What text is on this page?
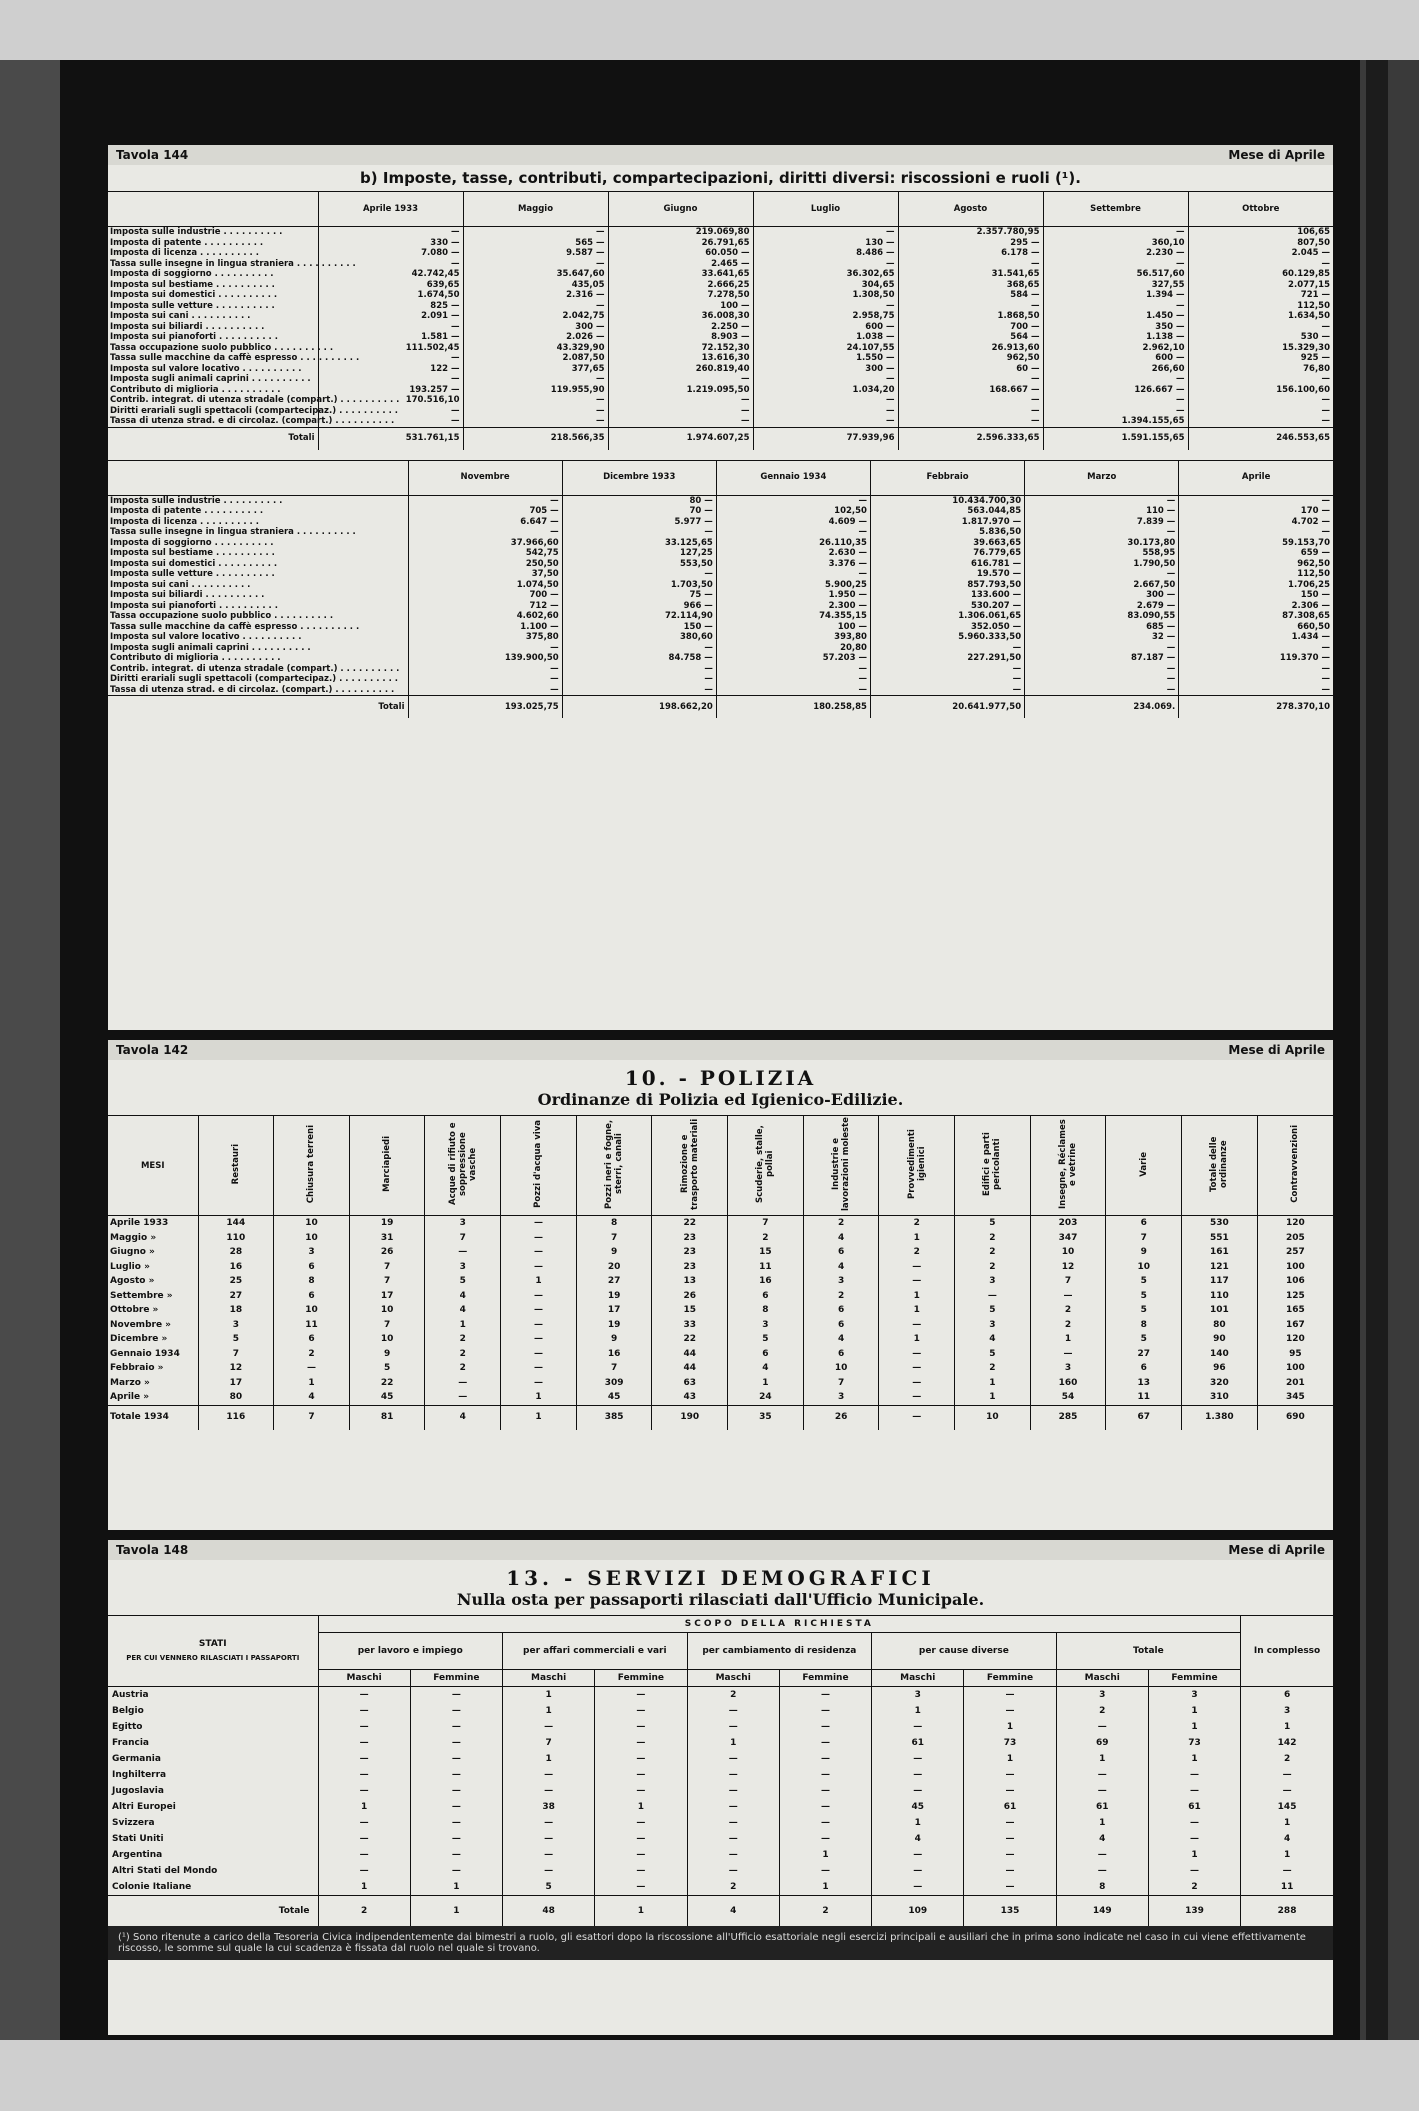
Tavola 144	Mese di Aprile
b) Imposte, tasse, contributi, compartecipazioni, diritti diversi: riscossioni e ruoli (¹).
	Aprile 1933	Maggio	Giugno	Luglio	Agosto	Settembre	Ottobre
Imposta sulle industrie . . . . . . . . . .	—	—	219.069,80	—	2.357.780,95	—	106,65
Imposta di patente . . . . . . . . . .	330 —	565 —	26.791,65	130 —	295 —	360,10	807,50
Imposta di licenza . . . . . . . . . .	7.080 —	9.587 —	60.050 —	8.486 —	6.178 —	2.230 —	2.045 —
Tassa sulle insegne in lingua straniera . . . . . . . . . .	—	—	2.465 —	—	—	—	—
Imposta di soggiorno . . . . . . . . . .	42.742,45	35.647,60	33.641,65	36.302,65	31.541,65	56.517,60	60.129,85
Imposta sul bestiame . . . . . . . . . .	639,65	435,05	2.666,25	304,65	368,65	327,55	2.077,15
Imposta sui domestici . . . . . . . . . .	1.674,50	2.316 —	7.278,50	1.308,50	584 —	1.394 —	721 —
Imposta sulle vetture . . . . . . . . . .	825 —	—	100 —	—	—	—	112,50
Imposta sui cani . . . . . . . . . .	2.091 —	2.042,75	36.008,30	2.958,75	1.868,50	1.450 —	1.634,50
Imposta sui biliardi . . . . . . . . . .	—	300 —	2.250 —	600 —	700 —	350 —	—
Imposta sui pianoforti . . . . . . . . . .	1.581 —	2.026 —	8.903 —	1.038 —	564 —	1.138 —	530 —
Tassa occupazione suolo pubblico . . . . . . . . . .	111.502,45	43.329,90	72.152,30	24.107,55	26.913,60	2.962,10	15.329,30
Tassa sulle macchine da caffè espresso . . . . . . . . . .	—	2.087,50	13.616,30	1.550 —	962,50	600 —	925 —
Imposta sul valore locativo . . . . . . . . . .	122 —	377,65	260.819,40	300 —	60 —	266,60	76,80
Imposta sugli animali caprini . . . . . . . . . .	—	—	—	—	—	—	—
Contributo di miglioria . . . . . . . . . .	193.257 —	119.955,90	1.219.095,50	1.034,20	168.667 —	126.667 —	156.100,60
Contrib. integrat. di utenza stradale (compart.) . . . . . . . . . .	170.516,10	—	—	—	—	—	—
Diritti erariali sugli spettacoli (compartecipaz.) . . . . . . . . . .	—	—	—	—	—	—	—
Tassa di utenza strad. e di circolaz. (compart.) . . . . . . . . . .	—	—	—	—	—	1.394.155,65	—
Totali	531.761,15	218.566,35	1.974.607,25	77.939,96	2.596.333,65	1.591.155,65	246.553,65
	Novembre	Dicembre 1933	Gennaio 1934	Febbraio	Marzo	Aprile
Imposta sulle industrie . . . . . . . . . .	—	80 —	—	10.434.700,30	—	—
Imposta di patente . . . . . . . . . .	705 —	70 —	102,50	563.044,85	110 —	170 —
Imposta di licenza . . . . . . . . . .	6.647 —	5.977 —	4.609 —	1.817.970 —	7.839 —	4.702 —
Tassa sulle insegne in lingua straniera . . . . . . . . . .	—	—	—	5.836,50	—	—
Imposta di soggiorno . . . . . . . . . .	37.966,60	33.125,65	26.110,35	39.663,65	30.173,80	59.153,70
Imposta sul bestiame . . . . . . . . . .	542,75	127,25	2.630 —	76.779,65	558,95	659 —
Imposta sui domestici . . . . . . . . . .	250,50	553,50	3.376 —	616.781 —	1.790,50	962,50
Imposta sulle vetture . . . . . . . . . .	37,50	—	—	19.570 —	—	112,50
Imposta sui cani . . . . . . . . . .	1.074,50	1.703,50	5.900,25	857.793,50	2.667,50	1.706,25
Imposta sui biliardi . . . . . . . . . .	700 —	75 —	1.950 —	133.600 —	300 —	150 —
Imposta sui pianoforti . . . . . . . . . .	712 —	966 —	2.300 —	530.207 —	2.679 —	2.306 —
Tassa occupazione suolo pubblico . . . . . . . . . .	4.602,60	72.114,90	74.355,15	1.306.061,65	83.090,55	87.308,65
Tassa sulle macchine da caffè espresso . . . . . . . . . .	1.100 —	150 —	100 —	352.050 —	685 —	660,50
Imposta sul valore locativo . . . . . . . . . .	375,80	380,60	393,80	5.960.333,50	32 —	1.434 —
Imposta sugli animali caprini . . . . . . . . . .	—	—	20,80	—	—	—
Contributo di miglioria . . . . . . . . . .	139.900,50	84.758 —	57.203 —	227.291,50	87.187 —	119.370 —
Contrib. integrat. di utenza stradale (compart.) . . . . . . . . . .	—	—	—	—	—	—
Diritti erariali sugli spettacoli (compartecipaz.) . . . . . . . . . .	—	—	—	—	—	—
Tassa di utenza strad. e di circolaz. (compart.) . . . . . . . . . .	—	—	—	—	—	—
Totali	193.025,75	198.662,20	180.258,85	20.641.977,50	234.069.	278.370,10
Tavola 142	Mese di Aprile
10. - POLIZIA
Ordinanze di Polizia ed Igienico-Edilizie.
MESI	Restauri	Chiusura terreni	Marciapiedi	Acque di rifiuto e soppressione vasche	Pozzi d'acqua viva	Pozzi neri e fogne, sterri, canali	Rimozione e trasporto materiali	Scuderie, stalle, pollai	Industrie e lavorazioni moleste	Provvedimenti igienici	Edifici e parti pericolanti	Insegne, Réclames e vetrine	Varie	Totale delle ordinanze	Contravvenzioni
Aprile 1933	144	10	19	3	—	8	22	7	2	2	5	203	6	530	120
Maggio »	110	10	31	7	—	7	23	2	4	1	2	347	7	551	205
Giugno »	28	3	26	—	—	9	23	15	6	2	2	10	9	161	257
Luglio »	16	6	7	3	—	20	23	11	4	—	2	12	10	121	100
Agosto »	25	8	7	5	1	27	13	16	3	—	3	7	5	117	106
Settembre »	27	6	17	4	—	19	26	6	2	1	—	—	5	110	125
Ottobre »	18	10	10	4	—	17	15	8	6	1	5	2	5	101	165
Novembre »	3	11	7	1	—	19	33	3	6	—	3	2	8	80	167
Dicembre »	5	6	10	2	—	9	22	5	4	1	4	1	5	90	120
Gennaio 1934	7	2	9	2	—	16	44	6	6	—	5	—	27	140	95
Febbraio »	12	—	5	2	—	7	44	4	10	—	2	3	6	96	100
Marzo »	17	1	22	—	—	309	63	1	7	—	1	160	13	320	201
Aprile »	80	4	45	—	1	45	43	24	3	—	1	54	11	310	345
Totale 1934	116	7	81	4	1	385	190	35	26	—	10	285	67	1.380	690
Tavola 148	Mese di Aprile
13. - SERVIZI DEMOGRAFICI
Nulla osta per passaporti rilasciati dall'Ufficio Municipale.
STATI
PER CUI VENNERO RILASCIATI I PASSAPORTI	SCOPO DELLA RICHIESTA										In complesso
	per lavoro e impiego		per affari commerciali e vari		per cambiamento di residenza		per cause diverse		Totale		
	Maschi	Femmine	Maschi	Femmine	Maschi	Femmine	Maschi	Femmine	Maschi	Femmine	
Austria	—	—	1	—	2	—	3	—	3	3	6
Belgio	—	—	1	—	—	—	1	—	2	1	3
Egitto	—	—	—	—	—	—	—	1	—	1	1
Francia	—	—	7	—	1	—	61	73	69	73	142
Germania	—	—	1	—	—	—	—	1	1	1	2
Inghilterra	—	—	—	—	—	—	—	—	—	—	—
Jugoslavia	—	—	—	—	—	—	—	—	—	—	—
Altri Europei	1	—	38	1	—	—	45	61	61	61	145
Svizzera	—	—	—	—	—	—	1	—	1	—	1
Stati Uniti	—	—	—	—	—	—	4	—	4	—	4
Argentina	—	—	—	—	—	1	—	—	—	1	1
Altri Stati del Mondo	—	—	—	—	—	—	—	—	—	—	—
Colonie Italiane	1	1	5	—	2	1	—	—	8	2	11
Totale	2	1	48	1	4	2	109	135	149	139	288
(¹) Sono ritenute a carico della Tesoreria Civica indipendentemente dai bimestri a ruolo, gli esattori dopo la riscossione all'Ufficio esattoriale negli esercizi principali e ausiliari che in prima sono indicate nel caso in cui viene effettivamente riscosso, le somme sul quale la cui scadenza è fissata dal ruolo nel quale si trovano.
